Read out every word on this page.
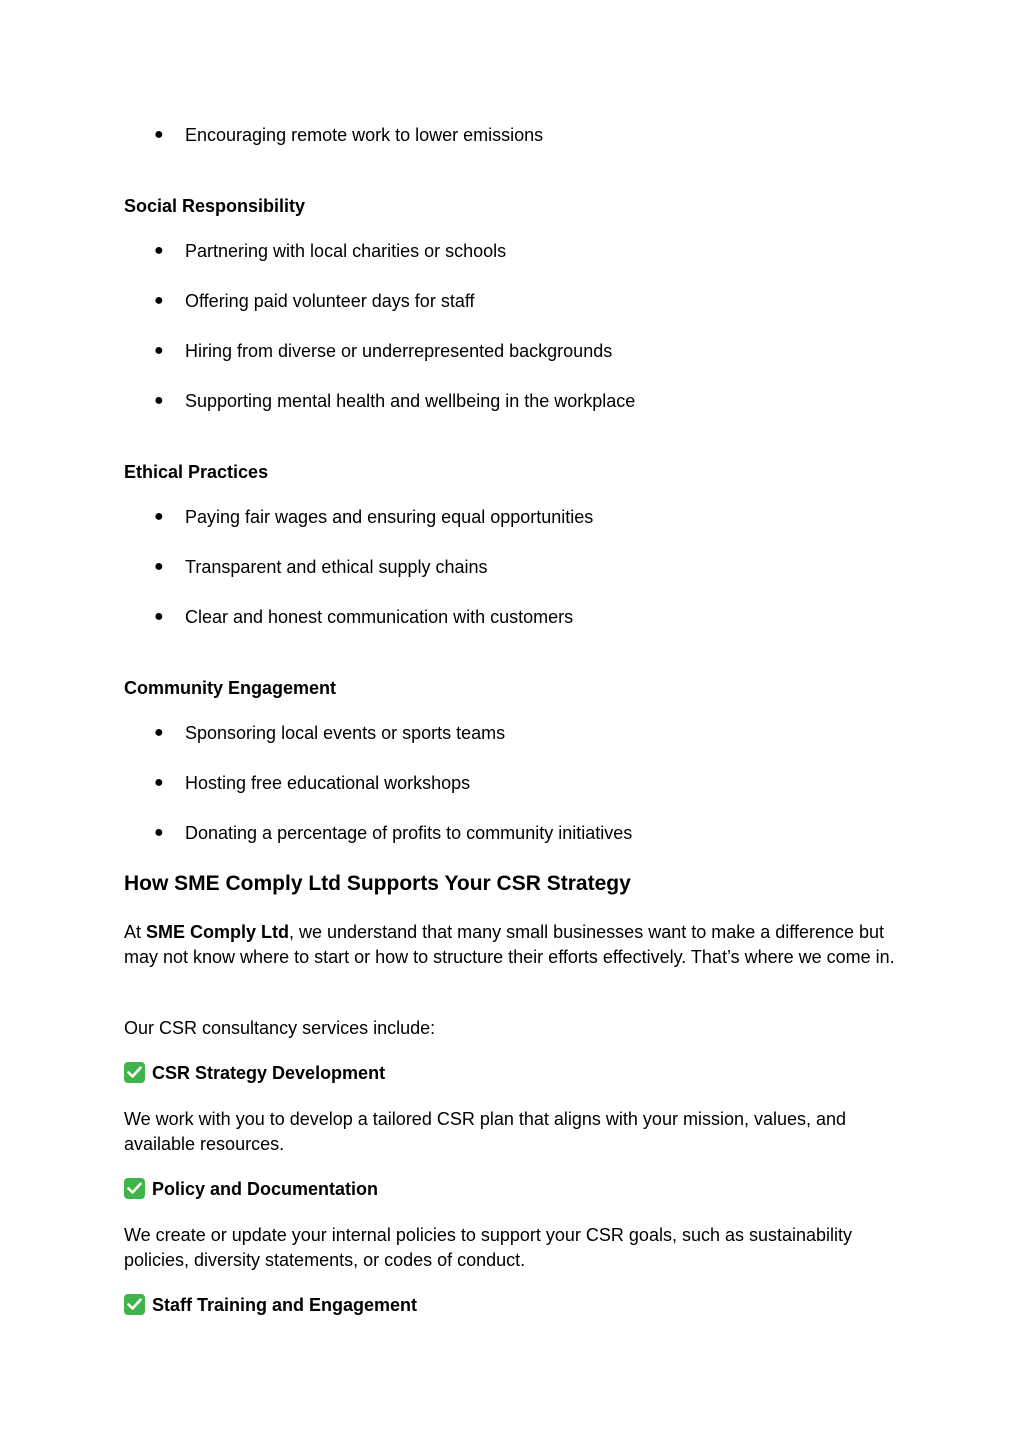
● Encouraging remote work to lower emissions
Social Responsibility
● Partnering with local charities or schools
● Offering paid volunteer days for staff
● Hiring from diverse or underrepresented backgrounds
● Supporting mental health and wellbeing in the workplace
Ethical Practices
● Paying fair wages and ensuring equal opportunities
● Transparent and ethical supply chains
● Clear and honest communication with customers
Community Engagement
● Sponsoring local events or sports teams
● Hosting free educational workshops
● Donating a percentage of profits to community initiatives
How SME Comply Ltd Supports Your CSR Strategy
At SME Comply Ltd, we understand that many small businesses want to make a difference but may not know where to start or how to structure their efforts effectively. That’s where we come in.
Our CSR consultancy services include:
CSR Strategy Development
We work with you to develop a tailored CSR plan that aligns with your mission, values, and available resources.
Policy and Documentation
We create or update your internal policies to support your CSR goals, such as sustainability policies, diversity statements, or codes of conduct.
Staff Training and Engagement
